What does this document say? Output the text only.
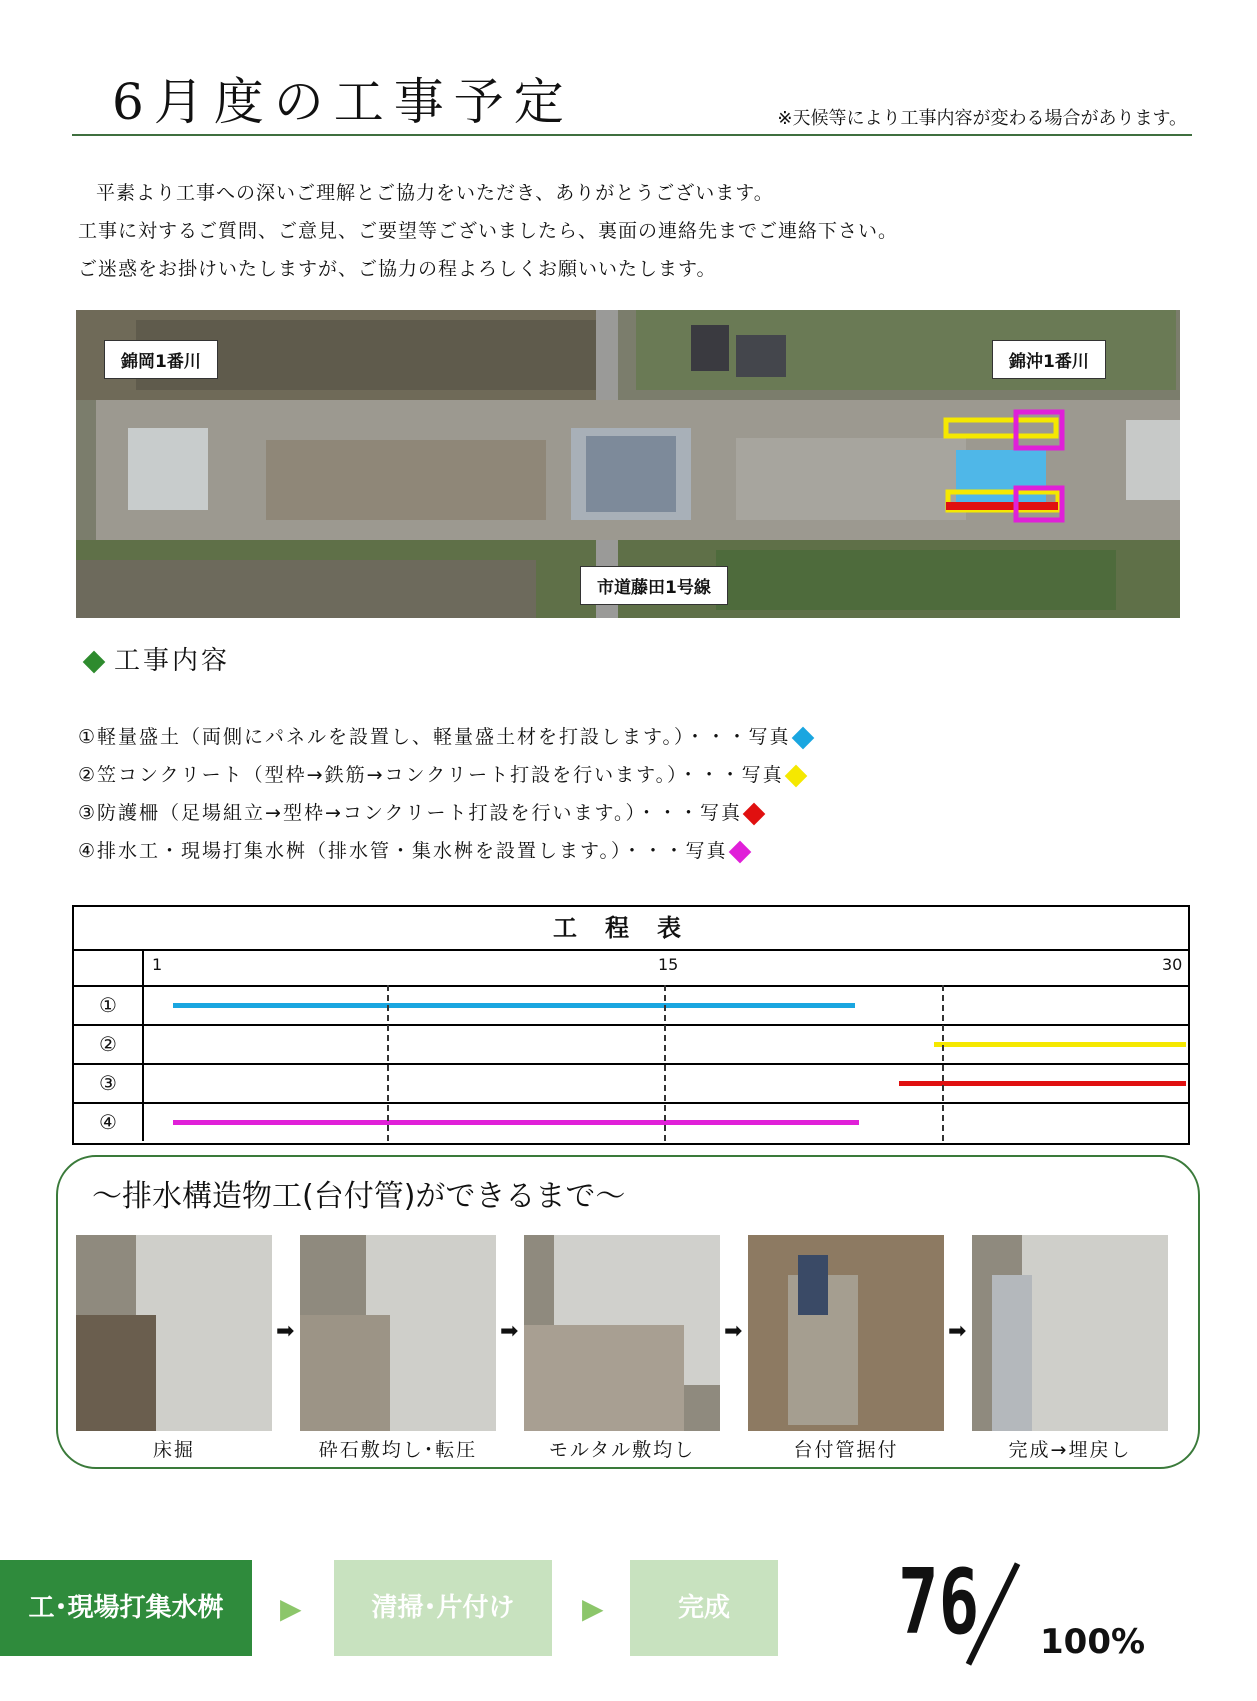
6月度の工事予定	※天候等により工事内容が変わる場合があります。
平素より工事への深いご理解とご協力をいただき、ありがとうございます。
工事に対するご質問、ご意見、ご要望等ございましたら、裏面の連絡先までご連絡下さい。
ご迷惑をお掛けいたしますが、ご協力の程よろしくお願いいたします。
錦岡1番川	錦沖1番川
市道藤田1号線
工事内容
①軽量盛土（両側にパネルを設置し、軽量盛土材を打設します。）・・・写真
②笠コンクリート（型枠→鉄筋→コンクリート打設を行います。）・・・写真
③防護柵（足場組立→型枠→コンクリート打設を行います。）・・・写真
④排水工・現場打集水桝（排水管・集水桝を設置します。）・・・写真
工程表
1	15	30
①
②
③
④
〜排水構造物工(台付管)ができるまで〜
➡	➡	➡	➡
床掘	砕石敷均し･転圧	モルタル敷均し	台付管据付	完成→埋戻し
工･現場打集水桝	▶	清掃･片付け	▶	完成	76 100%
